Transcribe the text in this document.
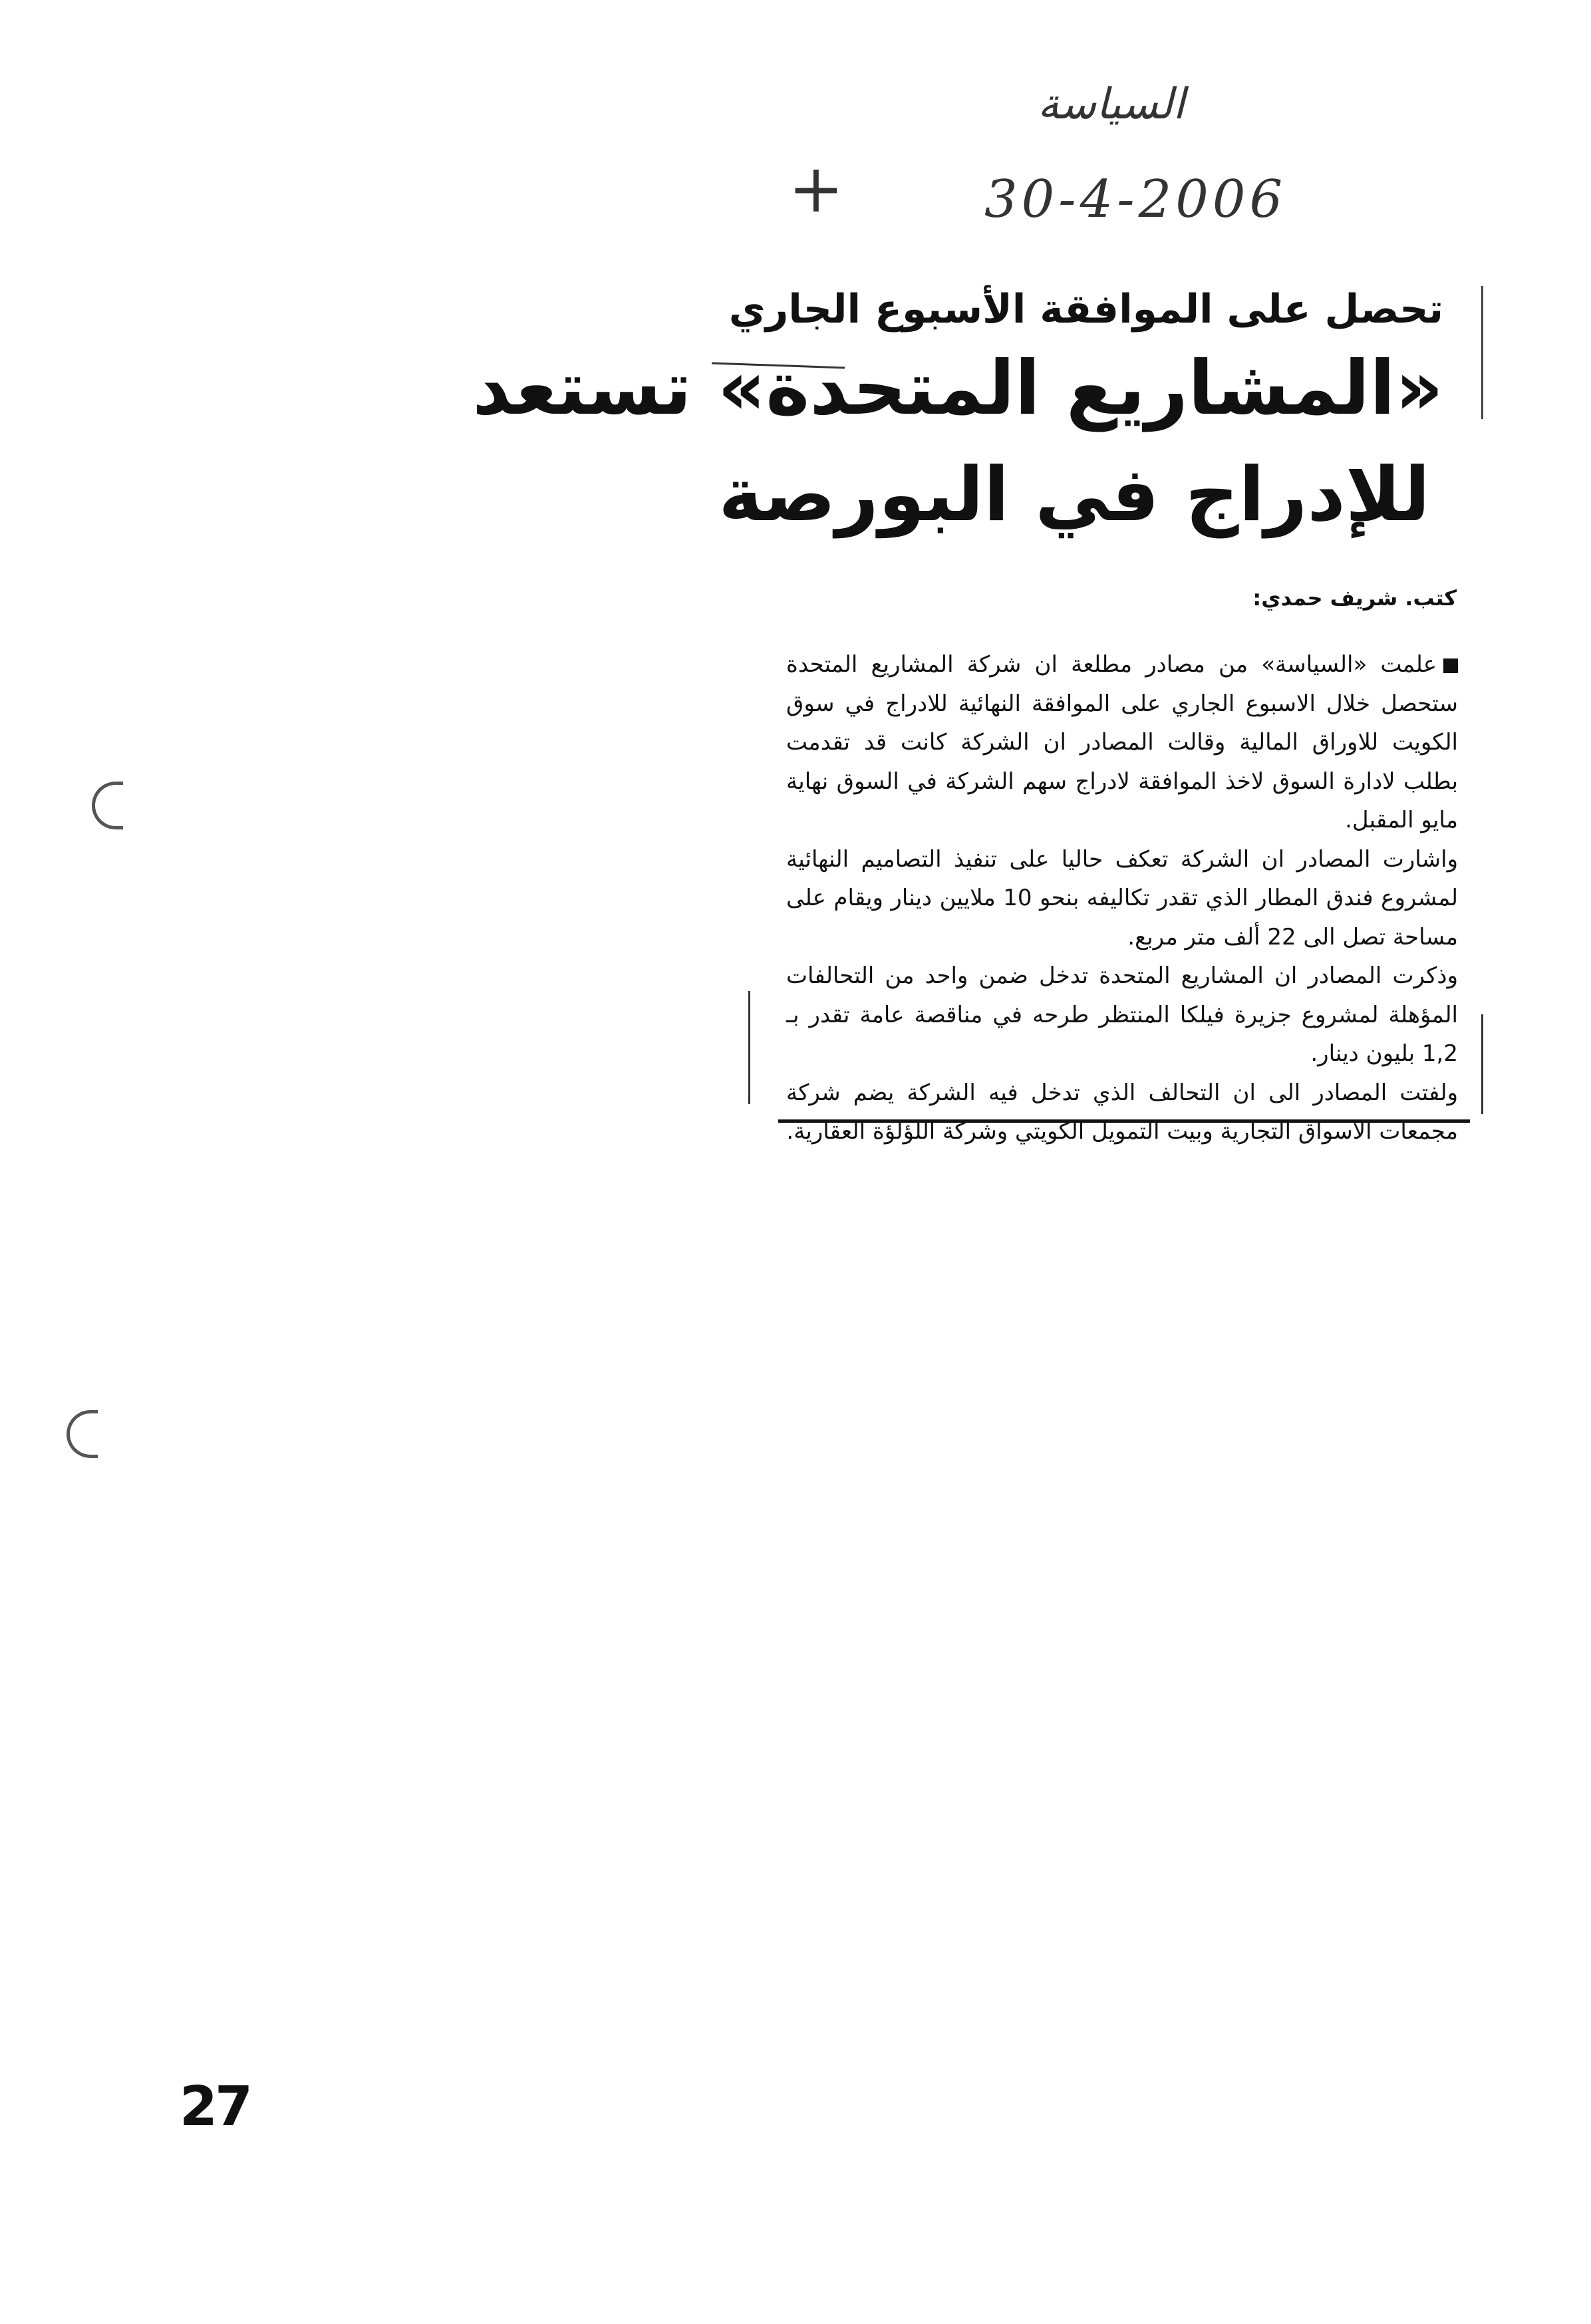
السياسة
30-4-2006
+
تحصل على الموافقة الأسبوع الجاري
«المشاريع المتحدة» تستعد
للإدراج في البورصة
كتب. شريف حمدي:

علمت «السياسة» من مصادر مطلعة ان شركة المشاريع المتحدة ستحصل خلال الاسبوع الجاري على الموافقة النهائية للادراج في سوق الكويت للاوراق المالية وقالت المصادر ان الشركة كانت قد تقدمت بطلب لادارة السوق لاخذ الموافقة لادراج سهم الشركة في السوق نهاية مايو المقبل.

واشارت المصادر ان الشركة تعكف حاليا على تنفيذ التصاميم النهائية لمشروع فندق المطار الذي تقدر تكاليفه بنحو 10 ملايين دينار ويقام على مساحة تصل الى 22 ألف متر مربع.

وذكرت المصادر ان المشاريع المتحدة تدخل ضمن واحد من التحالفات المؤهلة لمشروع جزيرة فيلكا المنتظر طرحه في مناقصة عامة تقدر بـ 1,2 بليون دينار.

ولفتت المصادر الى ان التحالف الذي تدخل فيه الشركة يضم شركة مجمعات الاسواق التجارية وبيت التمويل الكويتي وشركة اللؤلؤة العقارية.

27
